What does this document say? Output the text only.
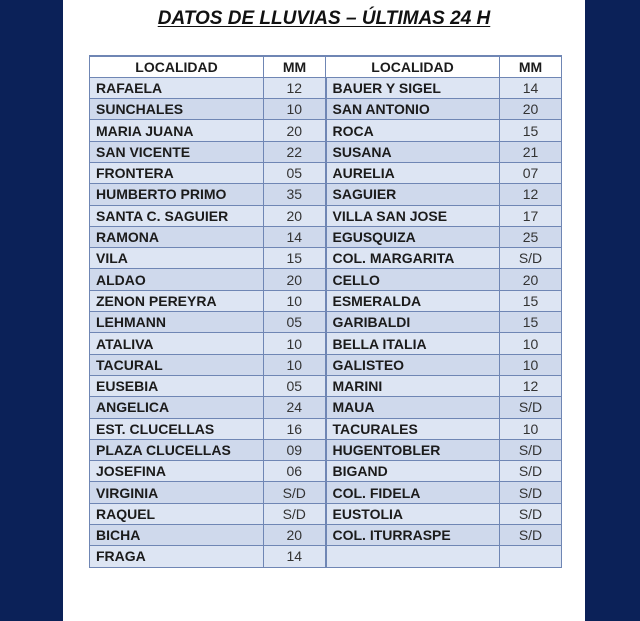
DATOS DE LLUVIAS – ÚLTIMAS 24 H
LOCALIDAD	MM	LOCALIDAD	MM
RAFAELA	12	BAUER Y SIGEL	14
SUNCHALES	10	SAN ANTONIO	20
MARIA JUANA	20	ROCA	15
SAN VICENTE	22	SUSANA	21
FRONTERA	05	AURELIA	07
HUMBERTO PRIMO	35	SAGUIER	12
SANTA C. SAGUIER	20	VILLA SAN JOSE	17
RAMONA	14	EGUSQUIZA	25
VILA	15	COL. MARGARITA	S/D
ALDAO	20	CELLO	20
ZENON PEREYRA	10	ESMERALDA	15
LEHMANN	05	GARIBALDI	15
ATALIVA	10	BELLA ITALIA	10
TACURAL	10	GALISTEO	10
EUSEBIA	05	MARINI	12
ANGELICA	24	MAUA	S/D
EST. CLUCELLAS	16	TACURALES	10
PLAZA CLUCELLAS	09	HUGENTOBLER	S/D
JOSEFINA	06	BIGAND	S/D
VIRGINIA	S/D	COL. FIDELA	S/D
RAQUEL	S/D	EUSTOLIA	S/D
BICHA	20	COL. ITURRASPE	S/D
FRAGA	14		
